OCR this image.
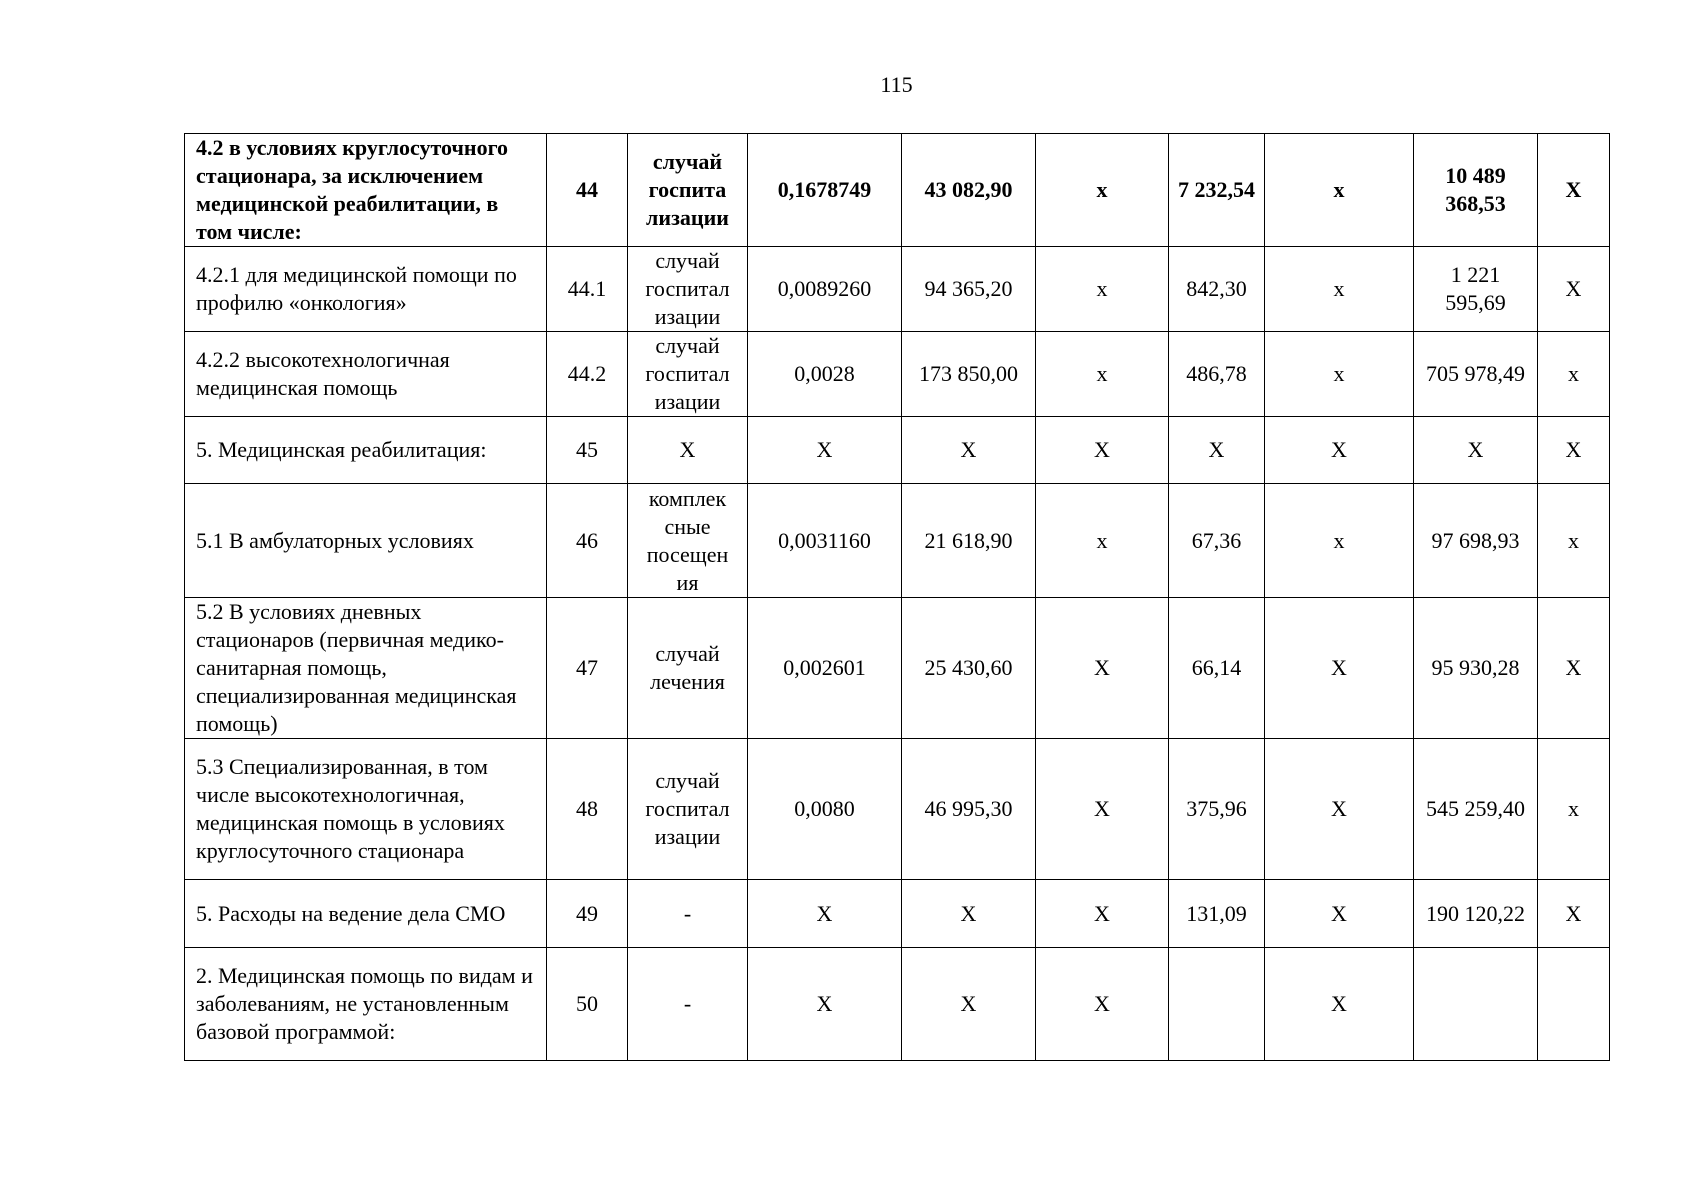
115
4.2 в условиях круглосуточного стационара, за исключением медицинской реабилитации, в том числе:	44	случай госпита лизации	0,1678749	43 082,90	х	7 232,54	х	10 489 368,53	Х
4.2.1 для медицинской помощи по профилю «онкология»	44.1	случай госпитал изации	0,0089260	94 365,20	х	842,30	х	1 221 595,69	Х
4.2.2 высокотехнологичная медицинская помощь	44.2	случай госпитал изации	0,0028	173 850,00	х	486,78	х	705 978,49	х
5. Медицинская реабилитация:	45	Х	Х	Х	Х	Х	Х	Х	Х
5.1 В амбулаторных условиях	46	комплек сные посещен ия	0,0031160	21 618,90	х	67,36	х	97 698,93	х
5.2 В условиях дневных стационаров (первичная медико-санитарная помощь, специализированная медицинская помощь)	47	случай лечения	0,002601	25 430,60	Х	66,14	Х	95 930,28	Х
5.3 Специализированная, в том числе высокотехнологичная, медицинская помощь в условиях круглосуточного стационара	48	случай госпитал изации	0,0080	46 995,30	Х	375,96	Х	545 259,40	х
5. Расходы на ведение дела СМО	49	-	Х	Х	Х	131,09	Х	190 120,22	Х
2. Медицинская помощь по видам и заболеваниям, не установленным базовой программой:	50	-	Х	Х	Х		Х		
